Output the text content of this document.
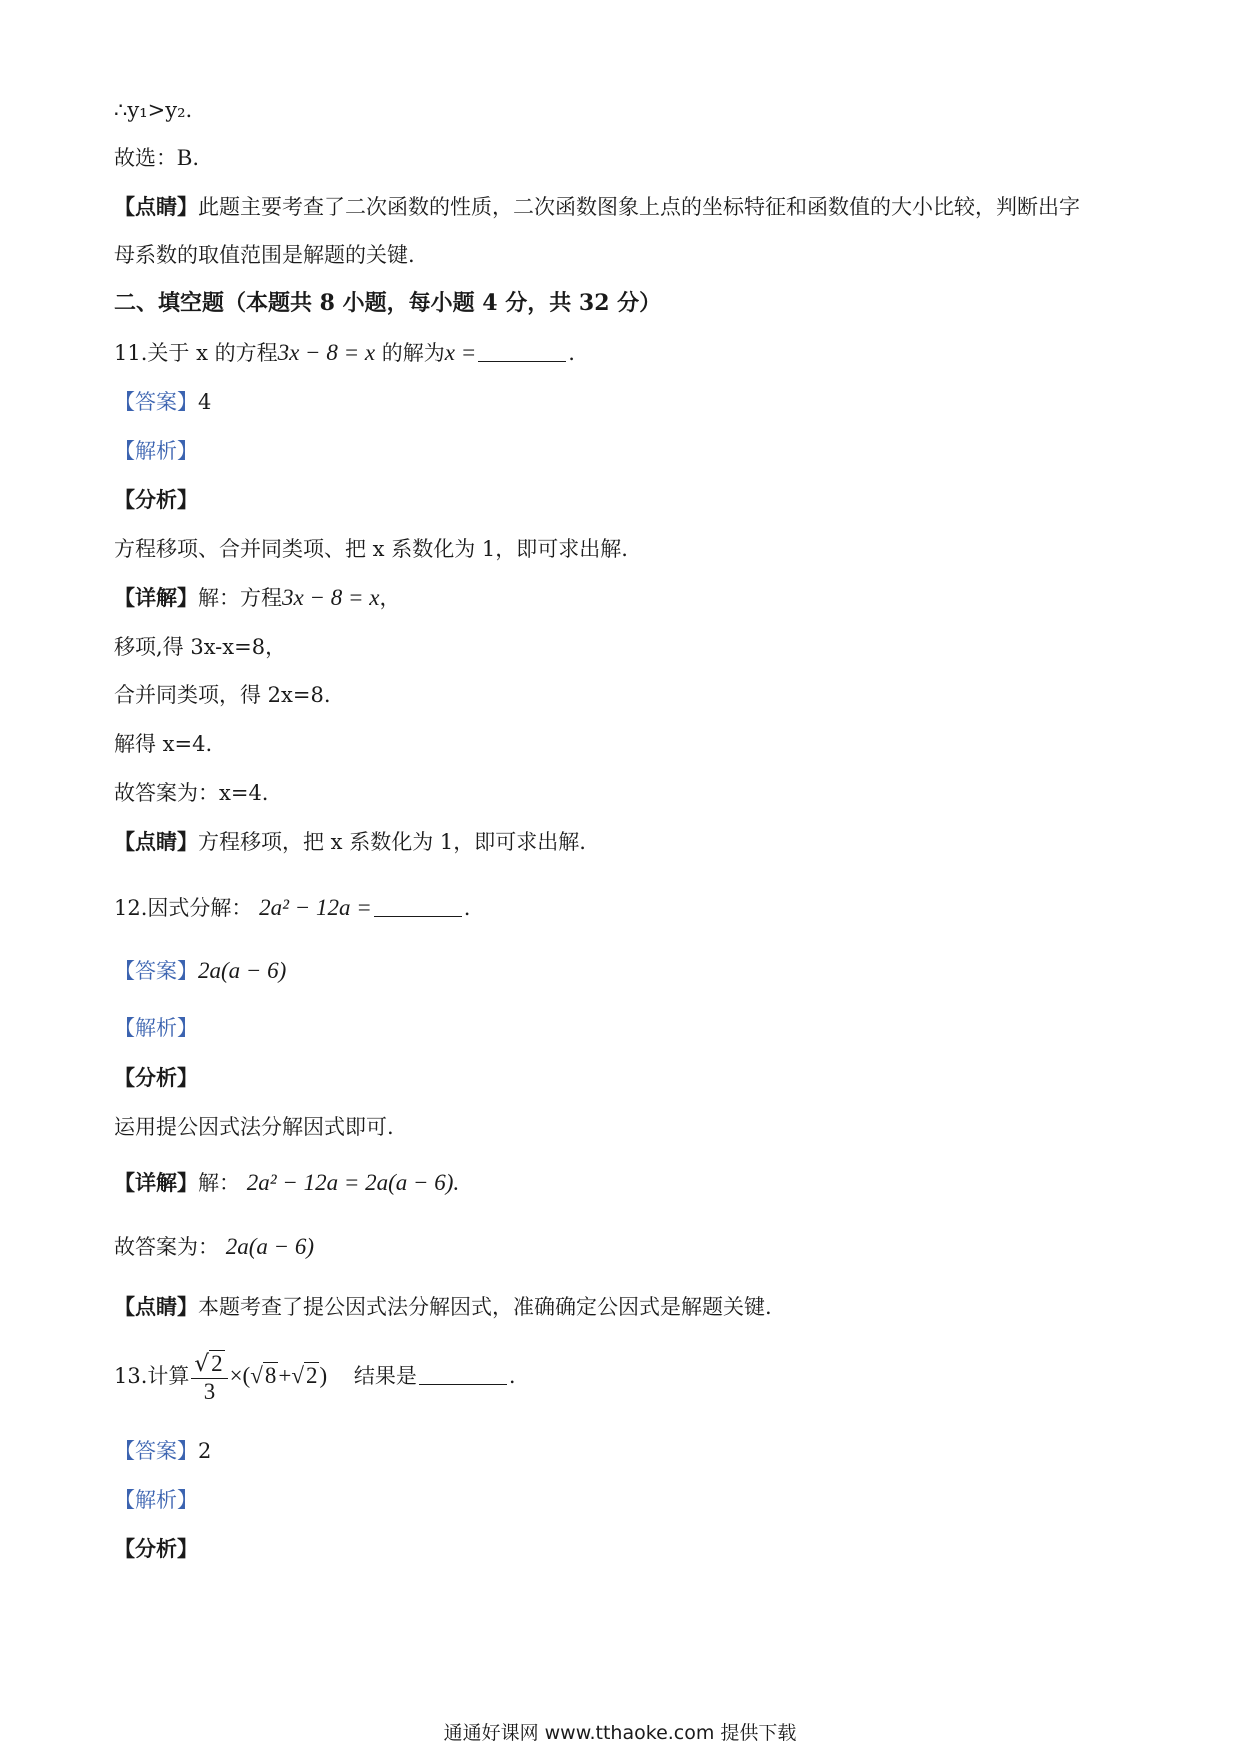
∴y₁>y₂.
故选：B.
【点睛】此题主要考查了二次函数的性质，二次函数图象上点的坐标特征和函数值的大小比较，判断出字
母系数的取值范围是解题的关键.
二、填空题（本题共 8 小题，每小题 4 分，共 32 分）
11.关于 x 的方程3x − 8 = x 的解为x =	.
【答案】4
【解析】
【分析】
方程移项、合并同类项、把 x 系数化为 1，即可求出解.
【详解】解：方程3x − 8 = x，
移项,得 3x-x=8，
合并同类项，得 2x=8.
解得 x=4.
故答案为：x=4.
【点睛】方程移项，把 x 系数化为 1，即可求出解.
12.因式分解： 2a² − 12a =	.
【答案】2a(a − 6)
【解析】
【分析】
运用提公因式法分解因式即可.
【详解】解： 2a² − 12a = 2a(a − 6).
故答案为： 2a(a − 6)
【点睛】本题考查了提公因式法分解因式，准确确定公因式是解题关键.
13.计算 $\frac{√2}{3} \times(√8+√2)$ 结果是	.
【答案】2
【解析】
【分析】
通通好课网 www.tthaoke.com 提供下载
